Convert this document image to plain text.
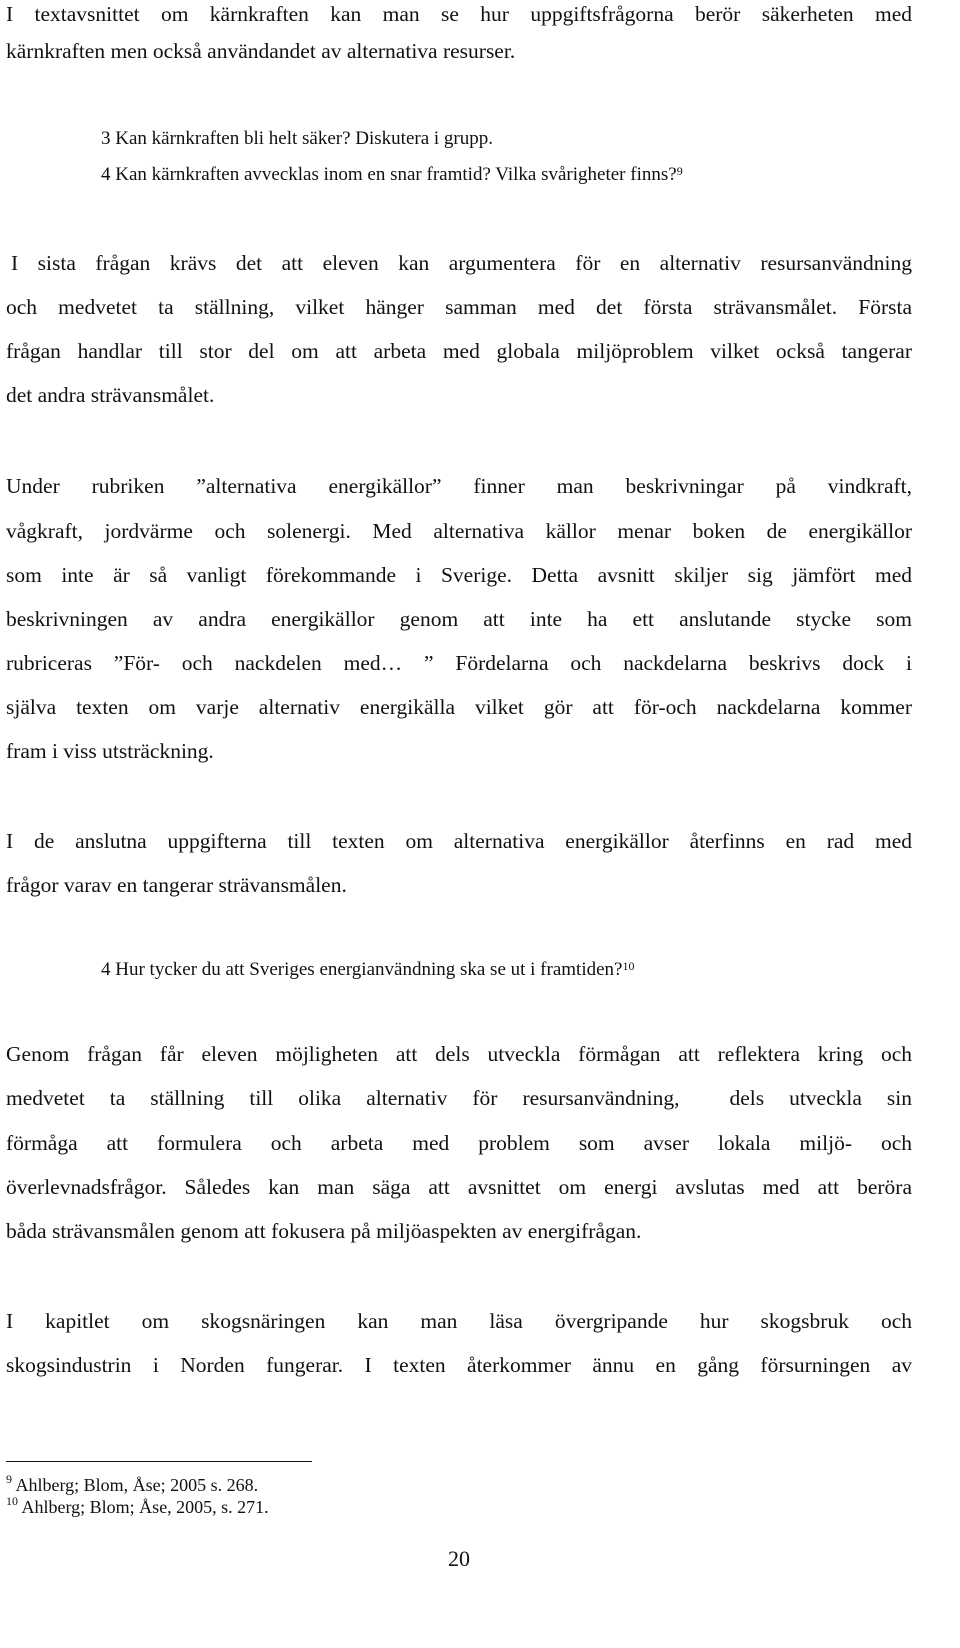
I textavsnittet om kärnkraften kan man se hur uppgiftsfrågorna berör säkerheten med
kärnkraften men också användandet av alternativa resurser.
3 Kan kärnkraften bli helt säker? Diskutera i grupp.
4 Kan kärnkraften avvecklas inom en snar framtid? Vilka svårigheter finns?$^9$
I sista frågan krävs det att eleven kan argumentera för en alternativ resursanvändning
och medvetet ta ställning, vilket hänger samman med det första strävansmålet. Första
frågan handlar till stor del om att arbeta med globala miljöproblem vilket också tangerar
det andra strävansmålet.
Under rubriken ”alternativa energikällor” finner man beskrivningar på vindkraft,
vågkraft, jordvärme och solenergi. Med alternativa källor menar boken de energikällor
som inte är så vanligt förekommande i Sverige. Detta avsnitt skiljer sig jämfört med
beskrivningen av andra energikällor genom att inte ha ett anslutande stycke som
rubriceras ”För- och nackdelen med… ” Fördelarna och nackdelarna beskrivs dock i
själva texten om varje alternativ energikälla vilket gör att för-och nackdelarna kommer
fram i viss utsträckning.
I de anslutna uppgifterna till texten om alternativa energikällor återfinns en rad med
frågor varav en tangerar strävansmålen.
4 Hur tycker du att Sveriges energianvändning ska se ut i framtiden?$^{10}$
Genom frågan får eleven möjligheten att dels utveckla förmågan att reflektera kring och
medvetet ta ställning till olika alternativ för resursanvändning,  dels utveckla sin
förmåga att formulera och arbeta med problem som avser lokala miljö- och
överlevnadsfrågor. Således kan man säga att avsnittet om energi avslutas med att beröra
båda strävansmålen genom att fokusera på miljöaspekten av energifrågan.
I kapitlet om skogsnäringen kan man läsa övergripande hur skogsbruk och
skogsindustrin i Norden fungerar. I texten återkommer ännu en gång försurningen av
$^9$ Ahlberg; Blom, Åse; 2005 s. 268.
$^{10}$ Ahlberg; Blom; Åse, 2005, s. 271.
20
